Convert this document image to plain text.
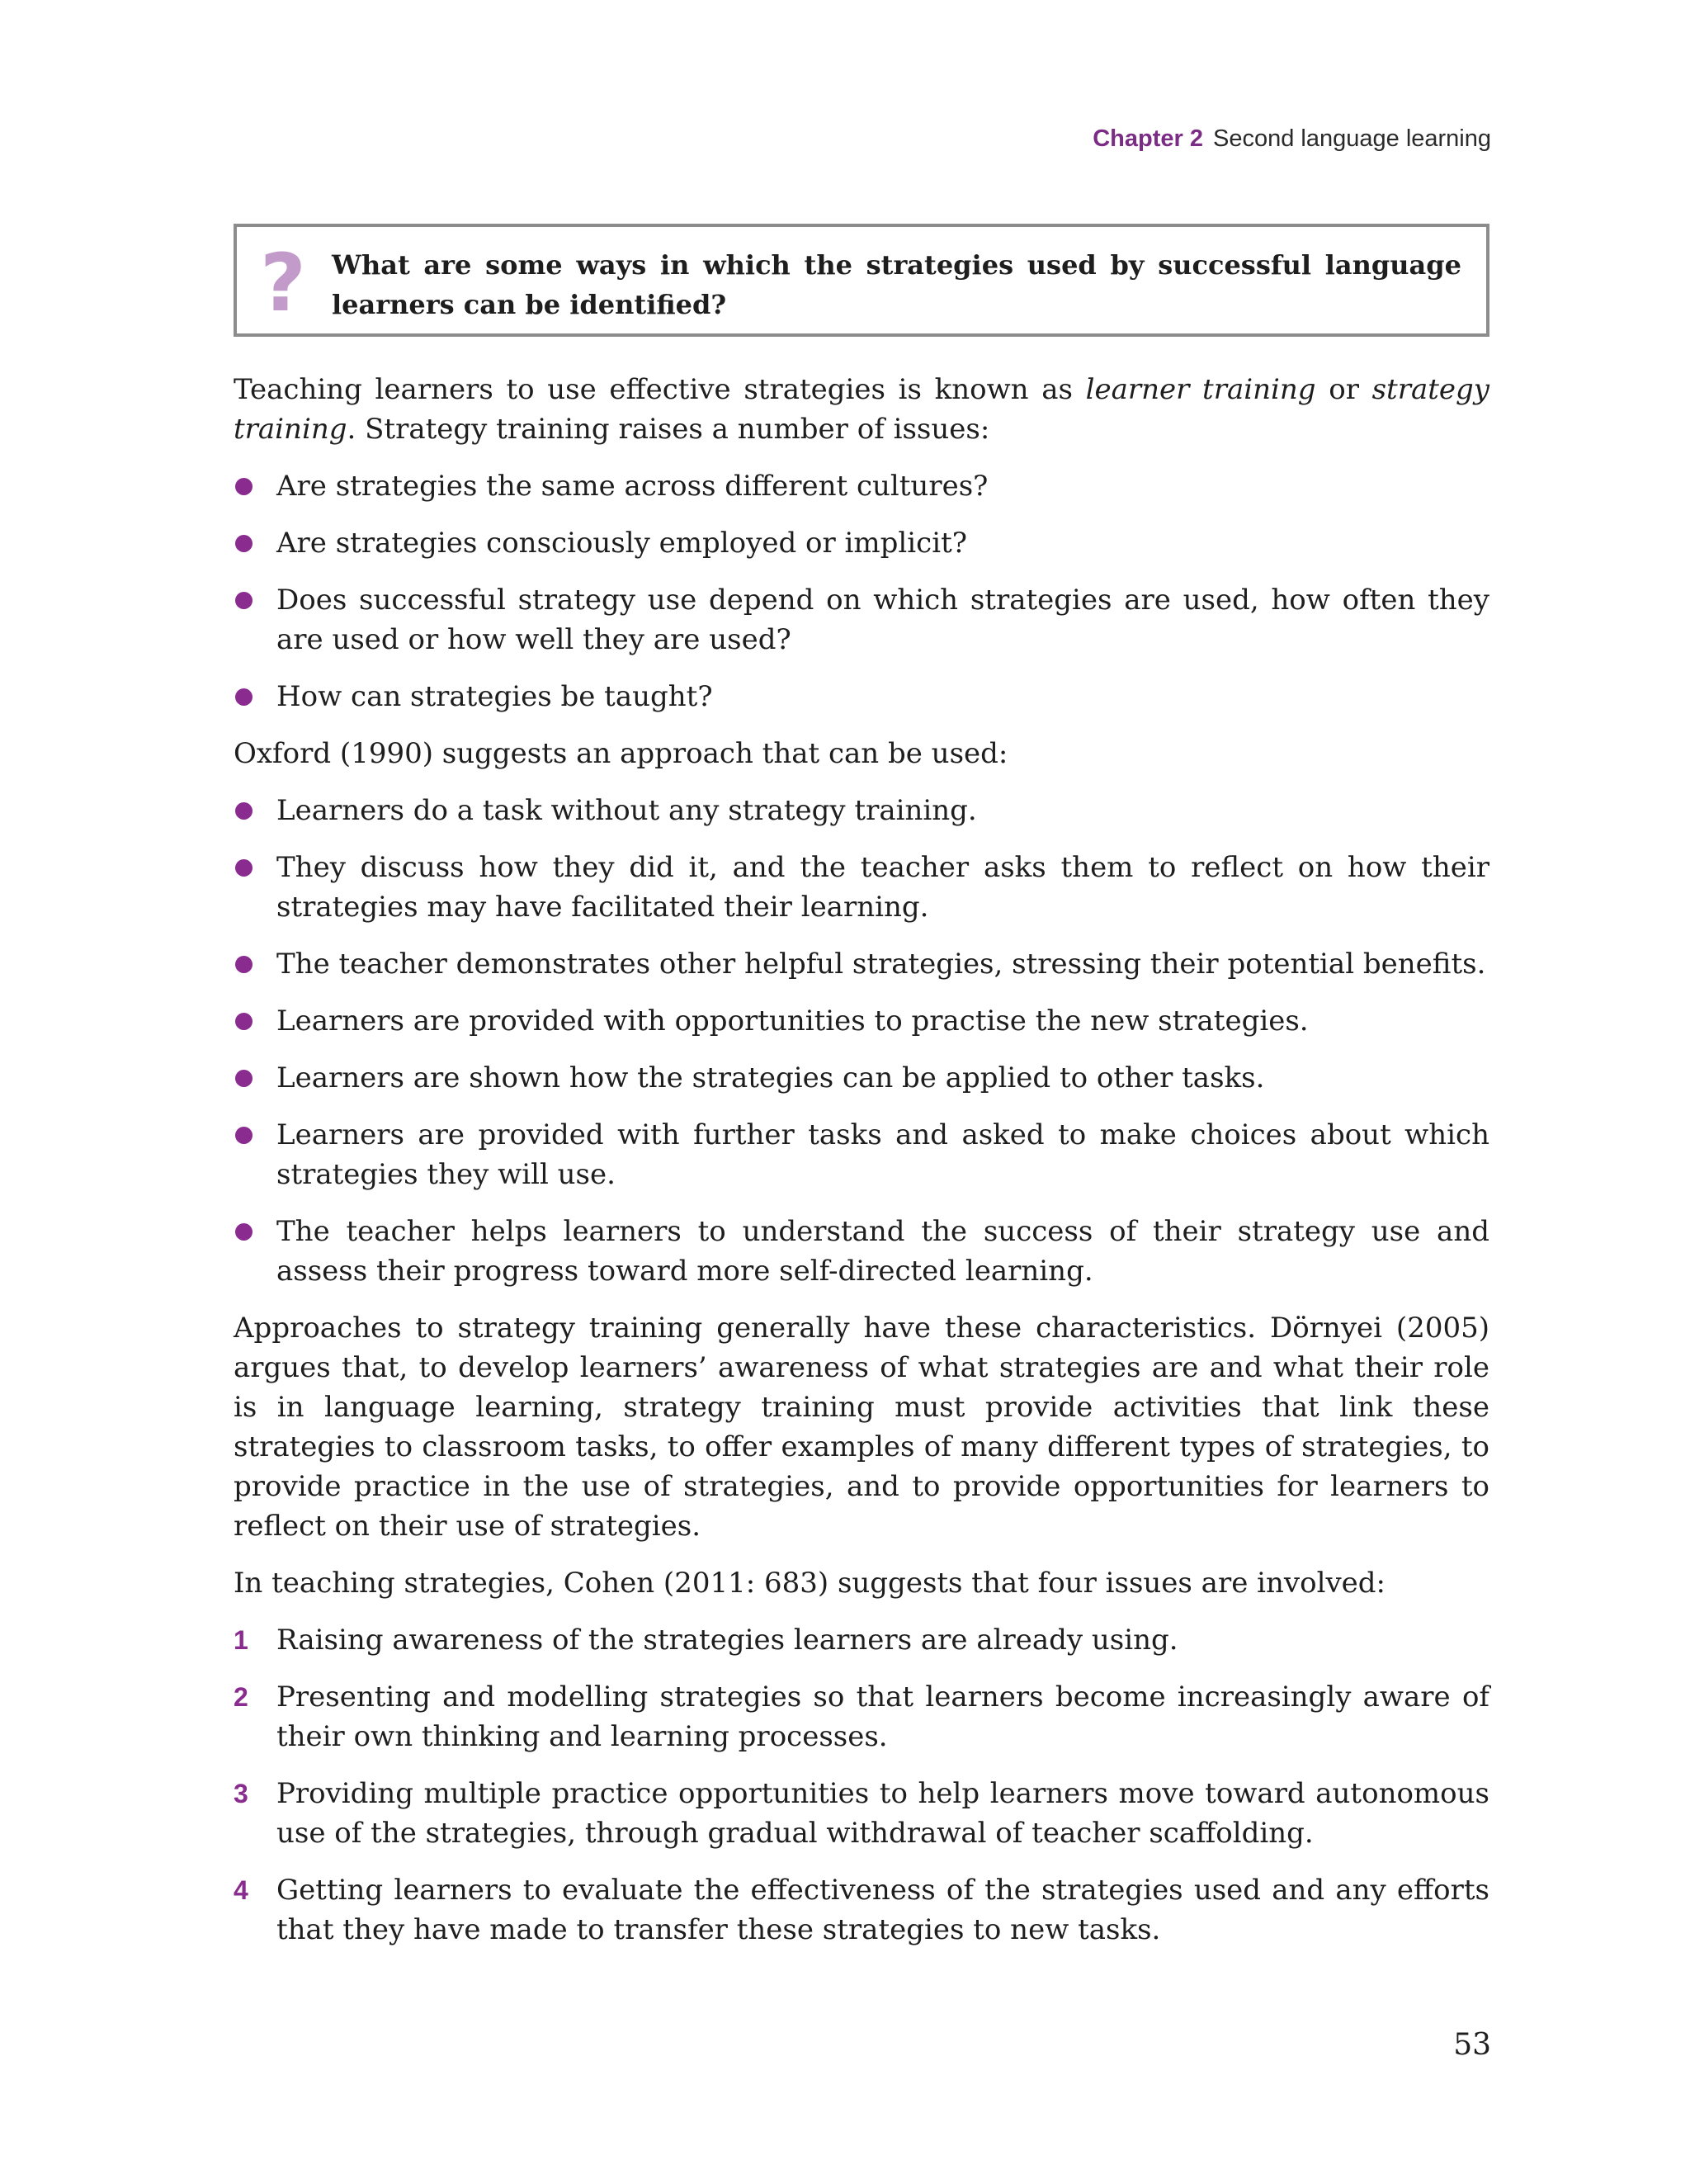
Chapter 2 Second language learning
? What are some ways in which the strategies used by successful language learners can be identified?

Teaching learners to use effective strategies is known as learner training or strategy training. Strategy training raises a number of issues:

Are strategies the same across different cultures?
Are strategies consciously employed or implicit?
Does successful strategy use depend on which strategies are used, how often they are used or how well they are used?
How can strategies be taught?

Oxford (1990) suggests an approach that can be used:

Learners do a task without any strategy training.
They discuss how they did it, and the teacher asks them to reflect on how their strategies may have facilitated their learning.
The teacher demonstrates other helpful strategies, stressing their potential benefits.
Learners are provided with opportunities to practise the new strategies.
Learners are shown how the strategies can be applied to other tasks.
Learners are provided with further tasks and asked to make choices about which strategies they will use.
The teacher helps learners to understand the success of their strategy use and assess their progress toward more self-directed learning.

Approaches to strategy training generally have these characteristics. Dörnyei (2005) argues that, to develop learners’ awareness of what strategies are and what their role is in language learning, strategy training must provide activities that link these strategies to classroom tasks, to offer examples of many different types of strategies, to provide practice in the use of strategies, and to provide opportunities for learners to reflect on their use of strategies.

In teaching strategies, Cohen (2011: 683) suggests that four issues are involved:

1 Raising awareness of the strategies learners are already using.
2 Presenting and modelling strategies so that learners become increasingly aware of their own thinking and learning processes.
3 Providing multiple practice opportunities to help learners move toward autonomous use of the strategies, through gradual withdrawal of teacher scaffolding.
4 Getting learners to evaluate the effectiveness of the strategies used and any efforts that they have made to transfer these strategies to new tasks.
53
